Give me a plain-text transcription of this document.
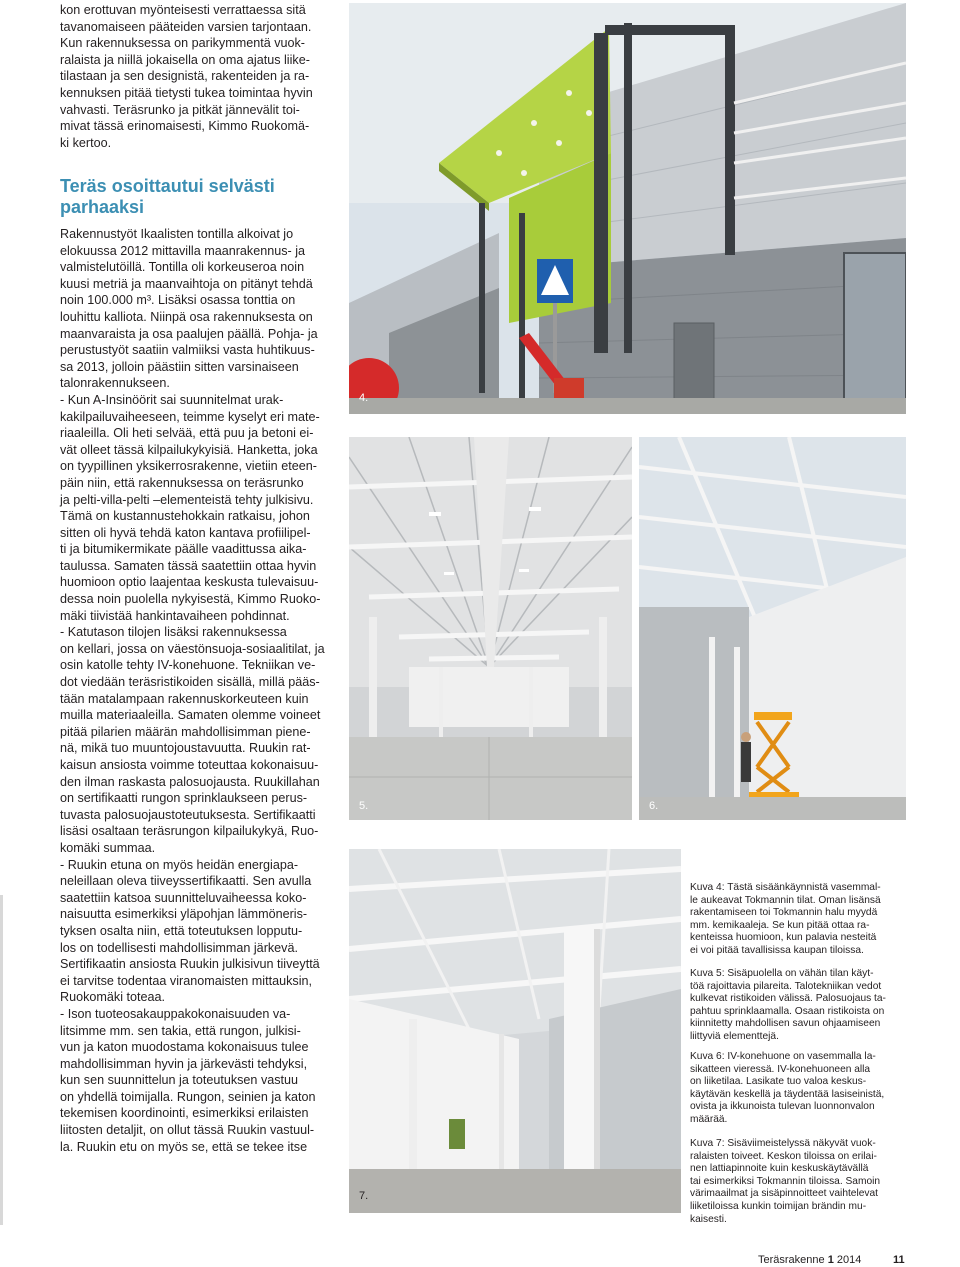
kon erottuvan myönteisesti verrattaessa sitä
tavanomaiseen pääteiden varsien tarjontaan.
Kun rakennuksessa on parikymmentä vuok-
ralaista ja niillä jokaisella on oma ajatus liike-
tilastaan ja sen designistä, rakenteiden ja ra-
kennuksen pitää tietysti tukea toimintaa hyvin
vahvasti. Teräsrunko ja pitkät jännevälit toi-
mivat tässä erinomaisesti, Kimmo Ruokomä-
ki kertoo.

Teräs osoittautui selvästi
parhaaksi

Rakennustyöt Ikaalisten tontilla alkoivat jo
elokuussa 2012 mittavilla maanrakennus- ja
valmistelutöillä. Tontilla oli korkeuseroa noin
kuusi metriä ja maanvaihtoja on pitänyt tehdä
noin 100.000 m³. Lisäksi osassa tonttia on
louhittu kalliota. Niinpä osa rakennuksesta on
maanvaraista ja osa paalujen päällä. Pohja- ja
perustustyöt saatiin valmiiksi vasta huhtikuus-
sa 2013, jolloin päästiin sitten varsinaiseen
talonrakennukseen.
- Kun A-Insinöörit sai suunnitelmat urak-
kakilpailuvaiheeseen, teimme kyselyt eri mate-
riaaleilla. Oli heti selvää, että puu ja betoni ei-
vät olleet tässä kilpailukykyisiä. Hanketta, joka
on tyypillinen yksikerrosrakenne, vietiin eteen-
päin niin, että rakennuksessa on teräsrunko
ja pelti-villa-pelti –elementeistä tehty julkisivu.
Tämä on kustannustehokkain ratkaisu, johon
sitten oli hyvä tehdä katon kantava profiilipel-
ti ja bitumikermikate päälle vaadittussa aika-
taulussa. Samaten tässä saatettiin ottaa hyvin
huomioon optio laajentaa keskusta tulevaisuu-
dessa noin puolella nykyisestä, Kimmo Ruoko-
mäki tiivistää hankintavaiheen pohdinnat.
- Katutason tilojen lisäksi rakennuksessa
on kellari, jossa on väestönsuoja-sosiaalitilat, ja
osin katolle tehty IV-konehuone. Tekniikan ve-
dot viedään teräsristikoiden sisällä, millä pääs-
tään matalampaan rakennuskorkeuteen kuin
muilla materiaaleilla. Samaten olemme voineet
pitää pilarien määrän mahdollisimman piene-
nä, mikä tuo muuntojoustavuutta. Ruukin rat-
kaisun ansiosta voimme toteuttaa kokonaisuu-
den ilman raskasta palosuojausta. Ruukillahan
on sertifikaatti rungon sprinklaukseen perus-
tuvasta palosuojaustoteutuksesta. Sertifikaatti
lisäsi osaltaan teräsrungon kilpailukykyä, Ruo-
komäki summaa.
- Ruukin etuna on myös heidän energiapa-
neleillaan oleva tiiveyssertifikaatti. Sen avulla
saatettiin katsoa suunnitteluvaiheessa koko-
naisuutta esimerkiksi yläpohjan lämmöneris-
tyksen osalta niin, että toteutuksen lopputu-
los on todellisesti mahdollisimman järkevä.
Sertifikaatin ansiosta Ruukin julkisivun tiiveyttä
ei tarvitse todentaa viranomaisten mittauksin,
Ruokomäki toteaa.
- Ison tuoteosakauppakokonaisuuden va-
litsimme mm. sen takia, että rungon, julkisi-
vun ja katon muodostama kokonaisuus tulee
mahdollisimman hyvin ja järkevästi tehdyksi,
kun sen suunnittelun ja toteutuksen vastuu
on yhdellä toimijalla. Rungon, seinien ja katon
tekemisen koordinointi, esimerkiksi erilaisten
liitosten detaljit, on ollut tässä Ruukin vastuul-
la. Ruukin etu on myös se, että se tekee itse

4.
5.	6.
7.

Kuva 4: Tästä sisäänkäynnistä vasemmal-
le aukeavat Tokmannin tilat. Oman lisänsä
rakentamiseen toi Tokmannin halu myydä
mm. kemikaaleja. Se kun pitää ottaa ra-
kenteissa huomioon, kun palavia nesteitä
ei voi pitää tavallisissa kaupan tiloissa.

Kuva 5: Sisäpuolella on vähän tilan käyt-
töä rajoittavia pilareita. Talotekniikan vedot
kulkevat ristikoiden välissä. Palosuojaus ta-
pahtuu sprinklaamalla. Osaan ristikoista on
kiinnitetty mahdollisen savun ohjaamiseen
liittyviä elementtejä.

Kuva 6: IV-konehuone on vasemmalla la-
sikatteen vieressä. IV-konehuoneen alla
on liiketilaa. Lasikate tuo valoa keskus-
käytävän keskellä ja täydentää lasiseinistä,
ovista ja ikkunoista tulevan luonnonvalon
määrää.

Kuva 7: Sisäviimeistelyssä näkyvät vuok-
ralaisten toiveet. Keskon tiloissa on erilai-
nen lattiapinnoite kuin keskuskäytävällä
tai esimerkiksi Tokmannin tiloissa. Samoin
värimaailmat ja sisäpinnoitteet vaihtelevat
liiketiloissa kunkin toimijan brändin mu-
kaisesti.

Teräsrakenne 1 2014	11
